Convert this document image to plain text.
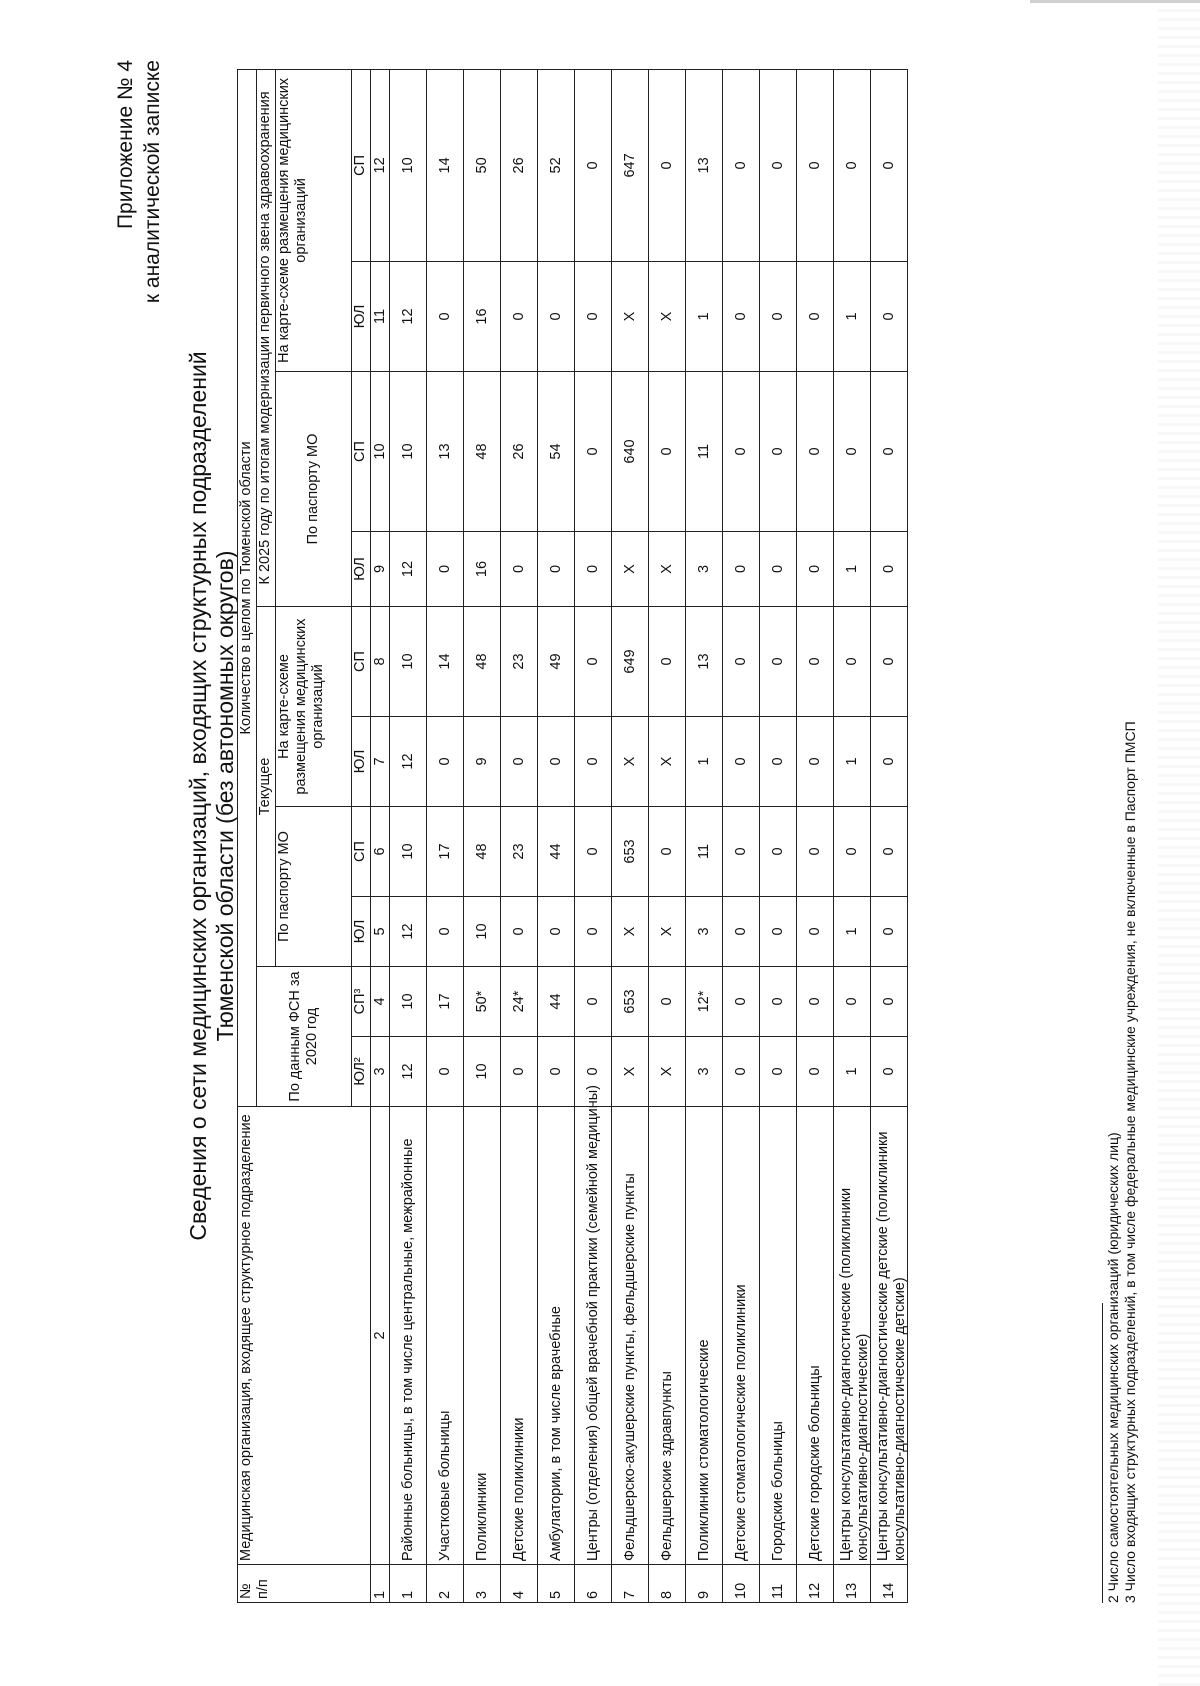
Приложение № 4 к аналитической записке
Сведения о сети медицинских организаций, входящих структурных подразделений Тюменской области (без автономных округов)
№ п/п	Медицинская организация, входящее структурное подразделение	Количество в целом по Тюменской области									
		По данным ФСН за 2020 год		Текущее				К 2025 году по итогам модернизации первичного звена здравоохранения			
				По паспорту МО		На карте-схеме размещения медицинских организаций		По паспорту МО		На карте-схеме размещения медицинских организаций	
		ЮЛ²	СП³	ЮЛ	СП	ЮЛ	СП	ЮЛ	СП	ЮЛ	СП
1	2	3	4	5	6	7	8	9	10	11	12
1	Районные больницы, в том числе центральные, межрайонные	12	10	12	10	12	10	12	10	12	10
2	Участковые больницы	0	17	0	17	0	14	0	13	0	14
3	Поликлиники	10	50*	10	48	9	48	16	48	16	50
4	Детские поликлиники	0	24*	0	23	0	23	0	26	0	26
5	Амбулатории, в том числе врачебные	0	44	0	44	0	49	0	54	0	52
6	Центры (отделения) общей врачебной практики (семейной медицины)	0	0	0	0	0	0	0	0	0	0
7	Фельдшерско-акушерские пункты, фельдшерские пункты	Х	653	Х	653	Х	649	Х	640	Х	647
8	Фельдшерские здравпункты	Х	0	Х	0	Х	0	Х	0	Х	0
9	Поликлиники стоматологические	3	12*	3	11	1	13	3	11	1	13
10	Детские стоматологические поликлиники	0	0	0	0	0	0	0	0	0	0
11	Городские больницы	0	0	0	0	0	0	0	0	0	0
12	Детские городские больницы	0	0	0	0	0	0	0	0	0	0
13	Центры консультативно-диагностические (поликлиники консультативно-диагностические)	1	0	1	0	1	0	1	0	1	0
14	Центры консультативно-диагностические детские (поликлиники консультативно-диагностические детские)	0	0	0	0	0	0	0	0	0	0
2 Число самостоятельных медицинских организаций (юридических лиц) 3 Число входящих структурных подразделений, в том числе федеральные медицинские учреждения, не включенные в Паспорт ПМСП
